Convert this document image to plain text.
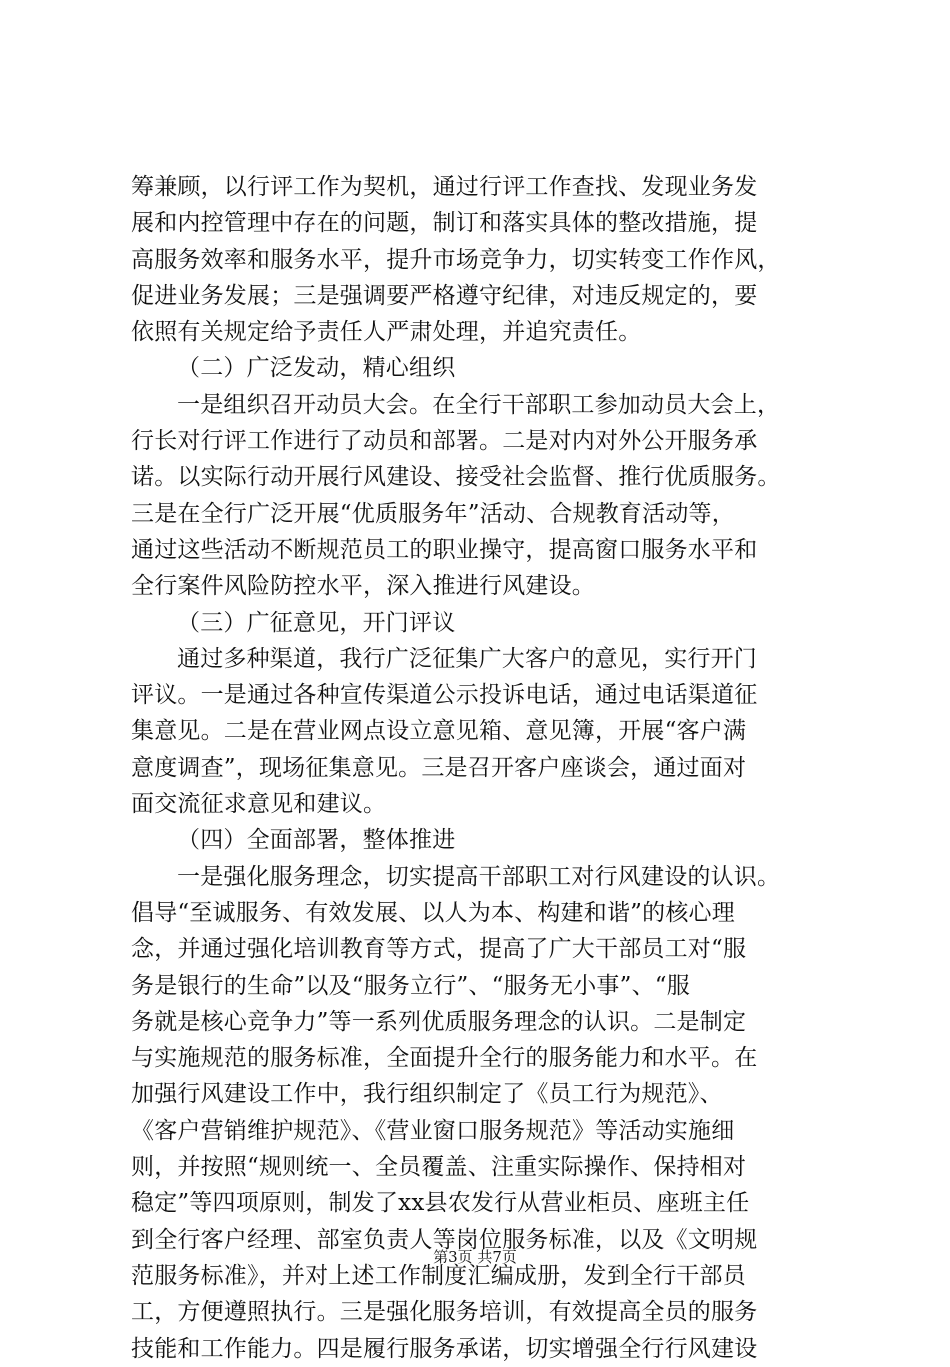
筹兼顾，以行评工作为契机，通过行评工作查找、发现业务发
展和内控管理中存在的问题，制订和落实具体的整改措施，提
高服务效率和服务水平，提升市场竞争力，切实转变工作作风，
促进业务发展；三是强调要严格遵守纪律，对违反规定的，要
依照有关规定给予责任人严肃处理，并追究责任。
（二）广泛发动，精心组织
一是组织召开动员大会。在全行干部职工参加动员大会上，
行长对行评工作进行了动员和部署。二是对内对外公开服务承
诺。以实际行动开展行风建设、接受社会监督、推行优质服务。
三是在全行广泛开展“优质服务年”活动、合规教育活动等，
通过这些活动不断规范员工的职业操守，提高窗口服务水平和
全行案件风险防控水平，深入推进行风建设。
（三）广征意见，开门评议
通过多种渠道，我行广泛征集广大客户的意见，实行开门
评议。一是通过各种宣传渠道公示投诉电话，通过电话渠道征
集意见。二是在营业网点设立意见箱、意见簿，开展“客户满
意度调查”，现场征集意见。三是召开客户座谈会，通过面对
面交流征求意见和建议。
（四）全面部署，整体推进
一是强化服务理念，切实提高干部职工对行风建设的认识。
倡导“至诚服务、有效发展、以人为本、构建和谐”的核心理
念，并通过强化培训教育等方式，提高了广大干部员工对“服
务是银行的生命”以及“服务立行”、“服务无小事”、“服
务就是核心竞争力”等一系列优质服务理念的认识。二是制定
与实施规范的服务标准，全面提升全行的服务能力和水平。在
加强行风建设工作中，我行组织制定了《员工行为规范》、
《客户营销维护规范》、《营业窗口服务规范》等活动实施细
则，并按照“规则统一、全员覆盖、注重实际操作、保持相对
稳定”等四项原则，制发了xx县农发行从营业柜员、座班主任
到全行客户经理、部室负责人等岗位服务标准，以及《文明规
范服务标准》，并对上述工作制度汇编成册，发到全行干部员
工，方便遵照执行。三是强化服务培训，有效提高全员的服务
技能和工作能力。四是履行服务承诺，切实增强全行行风建设
第3页 共7页
